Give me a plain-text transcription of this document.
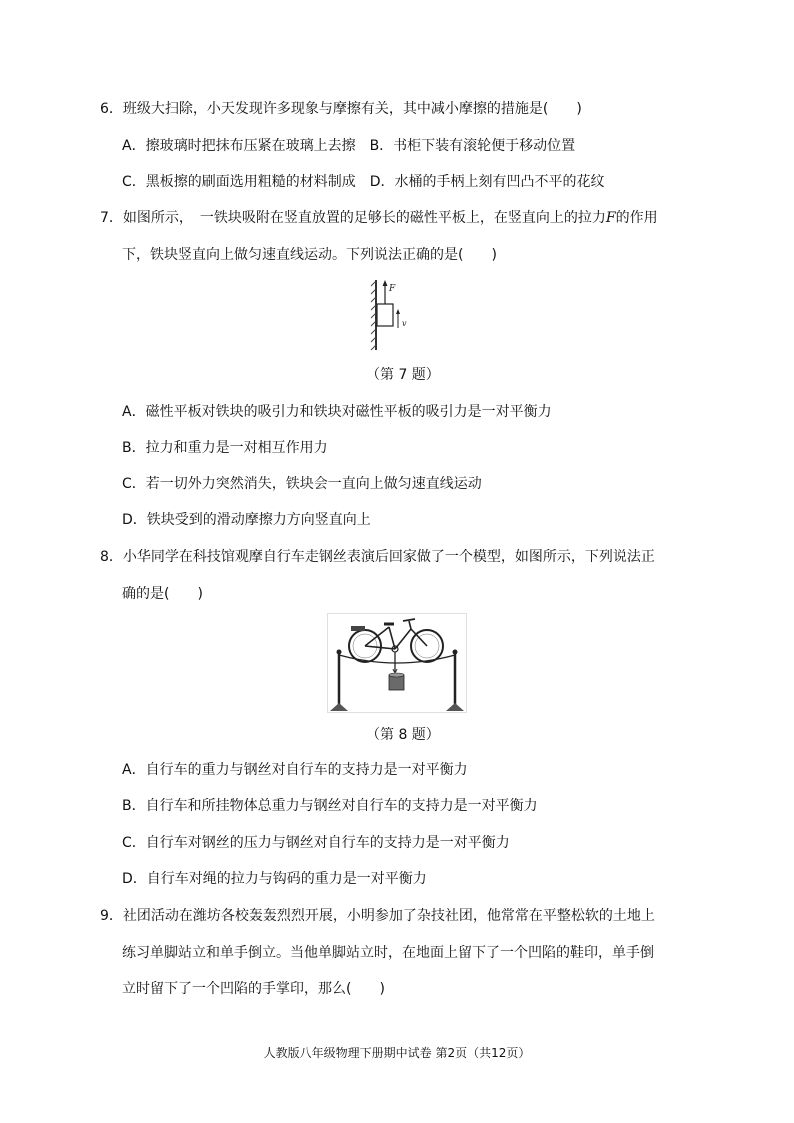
6．班级大扫除，小天发现许多现象与摩擦有关，其中减小摩擦的措施是(　　)
A．擦玻璃时把抹布压紧在玻璃上去擦　B．书柜下装有滚轮便于移动位置
C．黑板擦的刷面选用粗糙的材料制成　D．水桶的手柄上刻有凹凸不平的花纹
7．如图所示，　一铁块吸附在竖直放置的足够长的磁性平板上，在竖直向上的拉力F的作用
下，铁块竖直向上做匀速直线运动。下列说法正确的是(　　)
F
v
（第 7 题）
A．磁性平板对铁块的吸引力和铁块对磁性平板的吸引力是一对平衡力
B．拉力和重力是一对相互作用力
C．若一切外力突然消失，铁块会一直向上做匀速直线运动
D．铁块受到的滑动摩擦力方向竖直向上
8．小华同学在科技馆观摩自行车走钢丝表演后回家做了一个模型，如图所示，下列说法正
确的是(　　)
（第 8 题）
A．自行车的重力与钢丝对自行车的支持力是一对平衡力
B．自行车和所挂物体总重力与钢丝对自行车的支持力是一对平衡力
C．自行车对钢丝的压力与钢丝对自行车的支持力是一对平衡力
D．自行车对绳的拉力与钩码的重力是一对平衡力
9．社团活动在潍坊各校轰轰烈烈开展，小明参加了杂技社团，他常常在平整松软的土地上
练习单脚站立和单手倒立。当他单脚站立时，在地面上留下了一个凹陷的鞋印，单手倒
立时留下了一个凹陷的手掌印，那么(　　)
人教版八年级物理下册期中试卷 第2页（共12页）
